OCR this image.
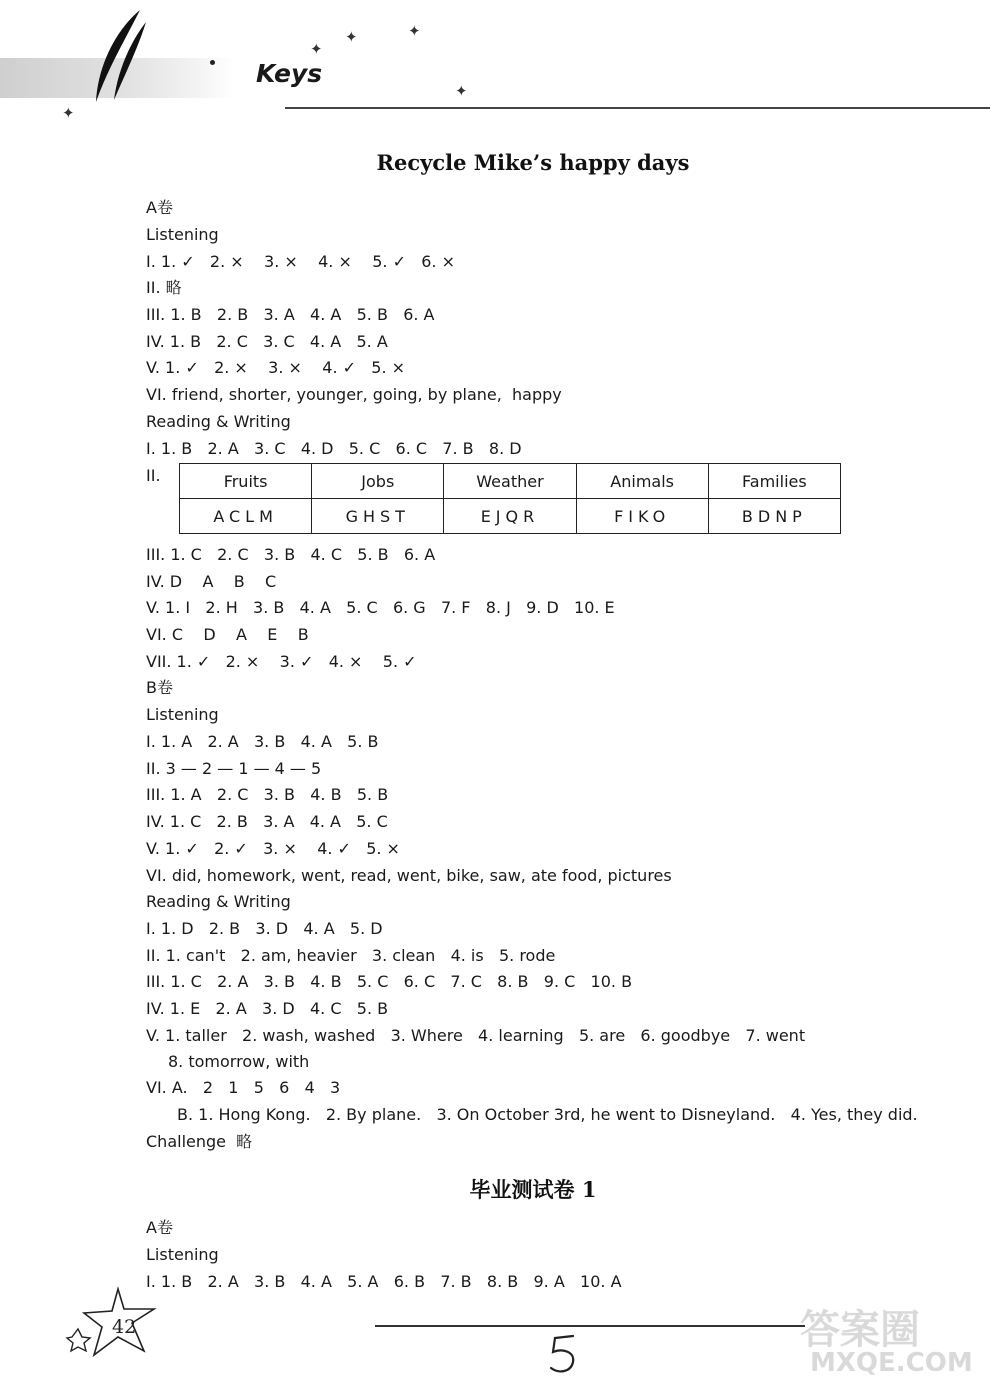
Keys
✦
✦	✦
✦
✦
Recycle Mike’s happy days
A卷
Listening
I. 1. ✓   2. ×    3. ×    4. ×    5. ✓   6. ×
II. 略
III. 1. B   2. B   3. A   4. A   5. B   6. A
IV. 1. B   2. C   3. C   4. A   5. A
V. 1. ✓   2. ×    3. ×    4. ✓   5. ×
VI. friend, shorter, younger, going, by plane,  happy
Reading & Writing
I. 1. B   2. A   3. C   4. D   5. C   6. C   7. B   8. D
II.	Fruits	Jobs	Weather	Animals	Families
ACLM	GHST	EJQR	FIKO	BDNP
III. 1. C   2. C   3. B   4. C   5. B   6. A
IV. D    A    B    C
V. 1. I   2. H   3. B   4. A   5. C   6. G   7. F   8. J   9. D   10. E
VI. C    D    A    E    B
VII. 1. ✓   2. ×    3. ✓   4. ×    5. ✓
B卷
Listening
I. 1. A   2. A   3. B   4. A   5. B
II. 3 — 2 — 1 — 4 — 5
III. 1. A   2. C   3. B   4. B   5. B
IV. 1. C   2. B   3. A   4. A   5. C
V. 1. ✓   2. ✓   3. ×    4. ✓   5. ×
VI. did, homework, went, read, went, bike, saw, ate food, pictures
Reading & Writing
I. 1. D   2. B   3. D   4. A   5. D
II. 1. can't   2. am, heavier   3. clean   4. is   5. rode
III. 1. C   2. A   3. B   4. B   5. C   6. C   7. C   8. B   9. C   10. B
IV. 1. E   2. A   3. D   4. C   5. B
V. 1. taller   2. wash, washed   3. Where   4. learning   5. are   6. goodbye   7. went
8. tomorrow, with
VI. A.   2   1   5   6   4   3
B. 1. Hong Kong.   2. By plane.   3. On October 3rd, he went to Disneyland.   4. Yes, they did.
Challenge  略
毕业测试卷 1
A卷
Listening
I. 1. B   2. A   3. B   4. A   5. A   6. B   7. B   8. B   9. A   10. A
42	答案圈
MXQE.COM
